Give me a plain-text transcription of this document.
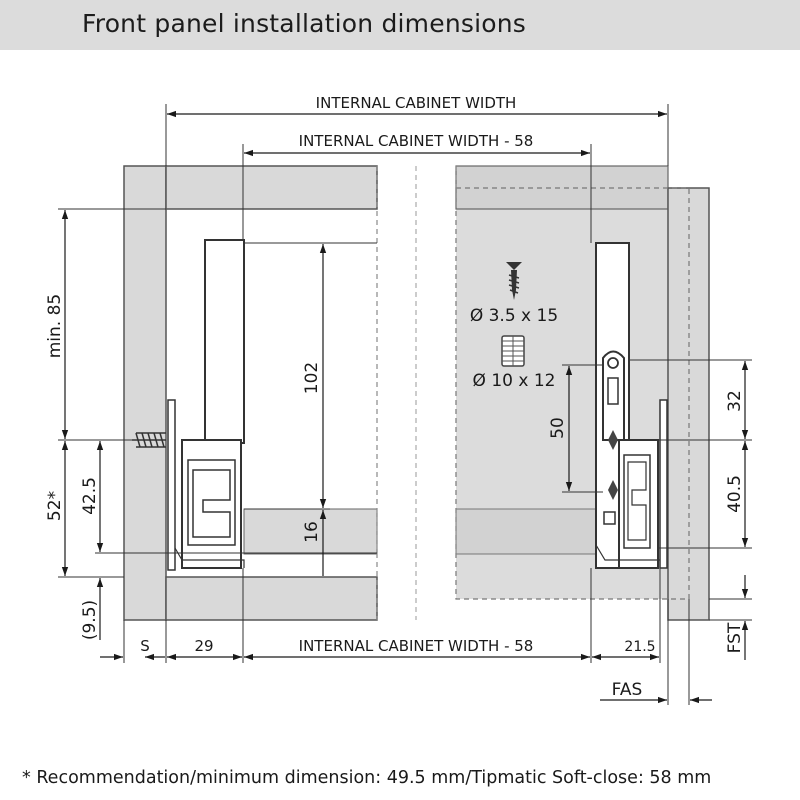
Front panel installation dimensions
INTERNAL CABINET WIDTH
INTERNAL CABINET WIDTH - 58
INTERNAL CABINET WIDTH - 58
min. 85
52* 42.5
(9.5)
102
16
S	29	21.5
FAS
32
40.5
FST
50
Ø 3.5 x 15
Ø 10 x 12
* Recommendation/minimum dimension: 49.5 mm/Tipmatic Soft-close: 58 mm
